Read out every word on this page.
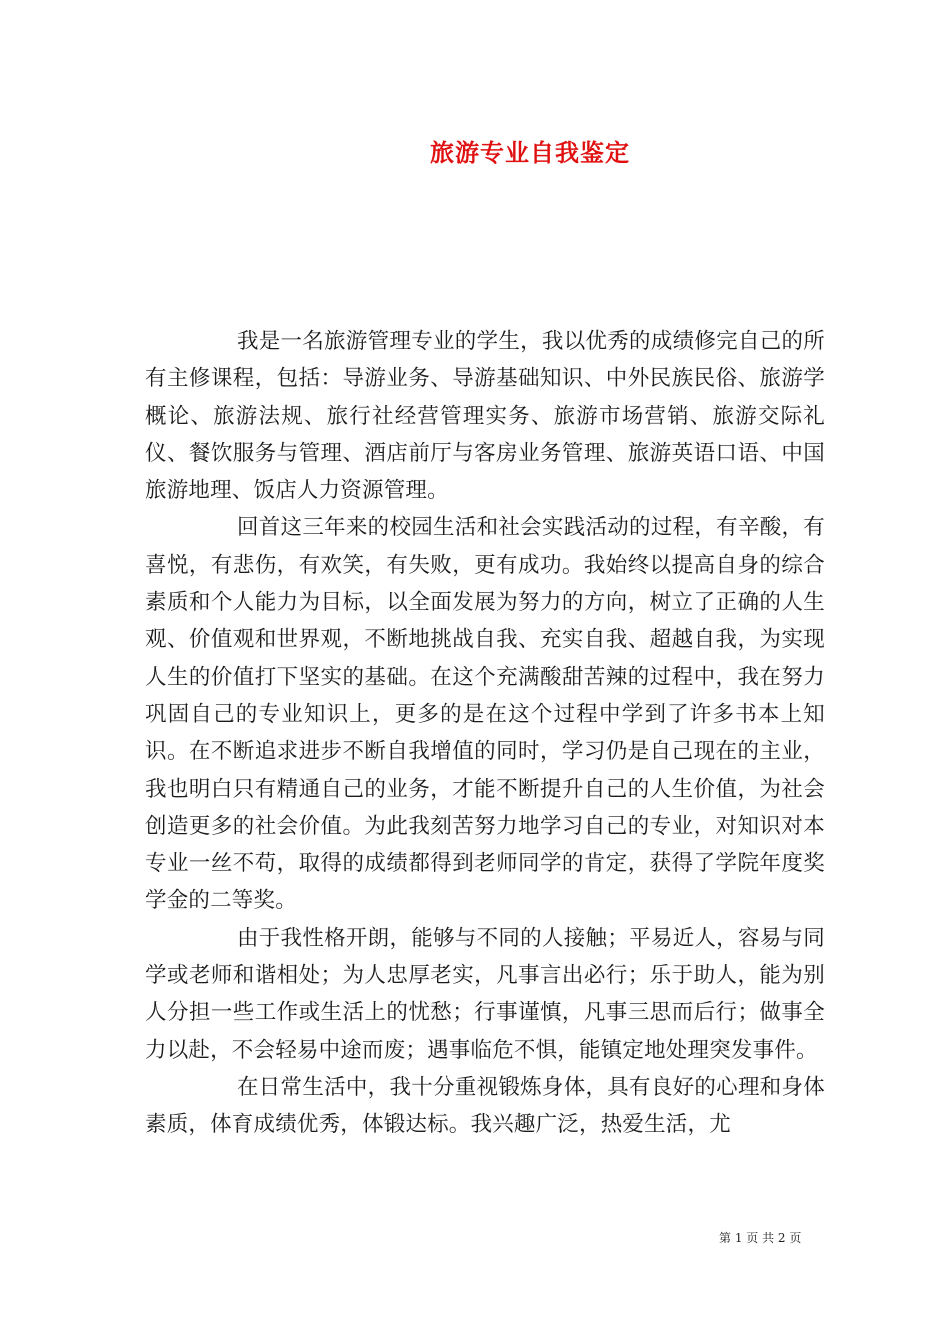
旅游专业自我鉴定

我是一名旅游管理专业的学生，我以优秀的成绩修完自己的所有主修课程，包括：导游业务、导游基础知识、中外民族民俗、旅游学概论、旅游法规、旅行社经营管理实务、旅游市场营销、旅游交际礼仪、餐饮服务与管理、酒店前厅与客房业务管理、旅游英语口语、中国旅游地理、饭店人力资源管理。

回首这三年来的校园生活和社会实践活动的过程，有辛酸，有喜悦，有悲伤，有欢笑，有失败，更有成功。我始终以提高自身的综合素质和个人能力为目标，以全面发展为努力的方向，树立了正确的人生观、价值观和世界观，不断地挑战自我、充实自我、超越自我，为实现人生的价值打下坚实的基础。在这个充满酸甜苦辣的过程中，我在努力巩固自己的专业知识上，更多的是在这个过程中学到了许多书本上知识。在不断追求进步不断自我增值的同时，学习仍是自己现在的主业，我也明白只有精通自己的业务，才能不断提升自己的人生价值，为社会创造更多的社会价值。为此我刻苦努力地学习自己的专业，对知识对本专业一丝不苟，取得的成绩都得到老师同学的肯定，获得了学院年度奖学金的二等奖。

由于我性格开朗，能够与不同的人接触；平易近人，容易与同学或老师和谐相处；为人忠厚老实，凡事言出必行；乐于助人，能为别人分担一些工作或生活上的忧愁；行事谨慎，凡事三思而后行；做事全力以赴，不会轻易中途而废；遇事临危不惧，能镇定地处理突发事件。

在日常生活中，我十分重视锻炼身体，具有良好的心理和身体素质，体育成绩优秀，体锻达标。我兴趣广泛，热爱生活，尤

第 1 页 共 2 页
